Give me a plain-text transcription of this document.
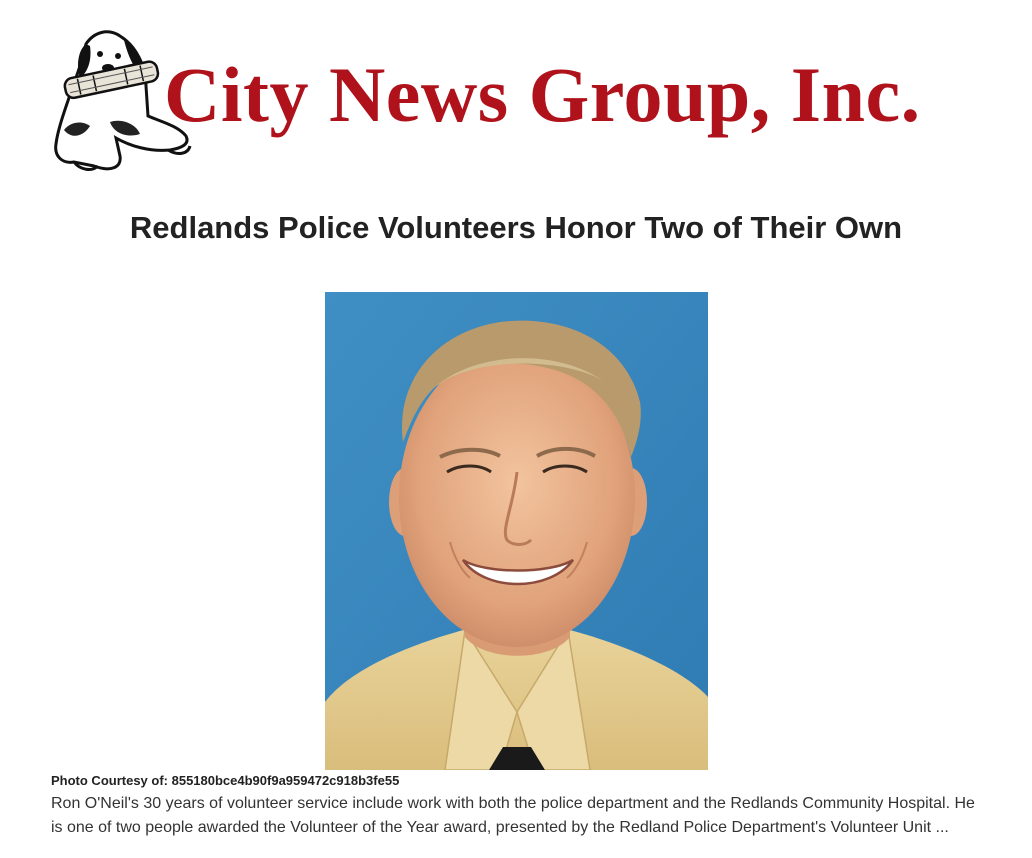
City News Group, Inc.
Redlands Police Volunteers Honor Two of Their Own
Photo Courtesy of: 855180bce4b90f9a959472c918b3fe55

Ron O'Neil's 30 years of volunteer service include work with both the police department and the Redlands Community Hospital. He is one of two people awarded the Volunteer of the Year award, presented by the Redland Police Department's Volunteer Unit ...
